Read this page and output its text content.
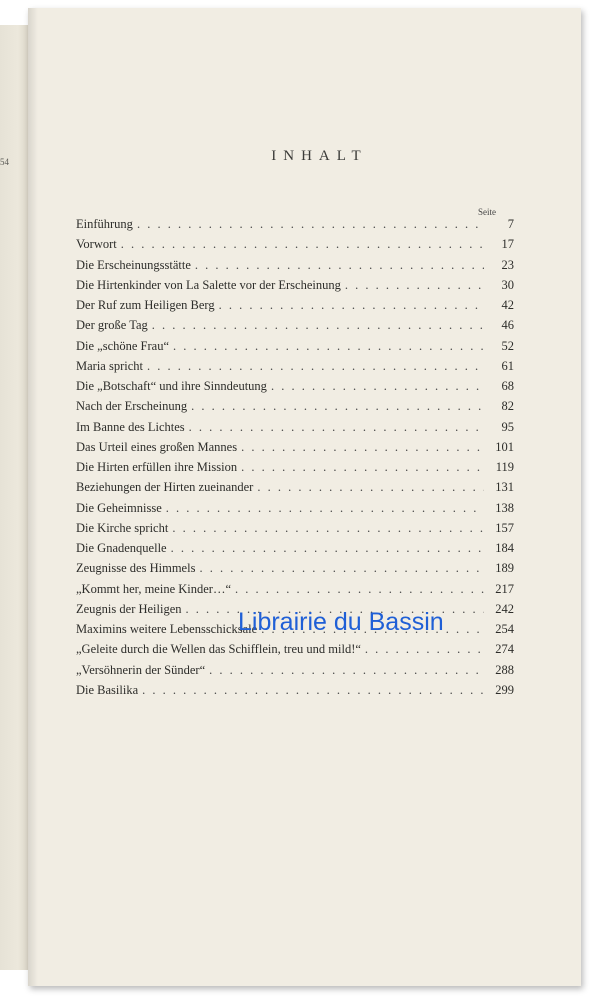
54	INHALT
Seite
Einführung . . .	7
Vorwort . . .	17
Die Erscheinungsstätte . . .	23
Die Hirtenkinder von La Salette vor der Erscheinung . . .	30
Der Ruf zum Heiligen Berg . . .	42
Der große Tag . . .	46
Die „schöne Frau“ . . .	52
Maria spricht . . .	61
Die „Botschaft“ und ihre Sinndeutung . . .	68
Nach der Erscheinung . . .	82
Im Banne des Lichtes . . .	95
Das Urteil eines großen Mannes . . .	101
Die Hirten erfüllen ihre Mission . . .	119
Beziehungen der Hirten zueinander . . .	131
Die Geheimnisse . . .	138
Die Kirche spricht . . .	157
Die Gnadenquelle . . .	184
Zeugnisse des Himmels . . .	189
„Kommt her, meine Kinder…“ . . .	217
Zeugnis der Heiligen . . .	242
Maximins weitere Lebensschicksale . . .	254
„Geleite durch die Wellen das Schifflein, treu und mild!“ . . .	274
„Versöhnerin der Sünder“ . . .	288
Die Basilika . . .	299
Librairie du Bassin
